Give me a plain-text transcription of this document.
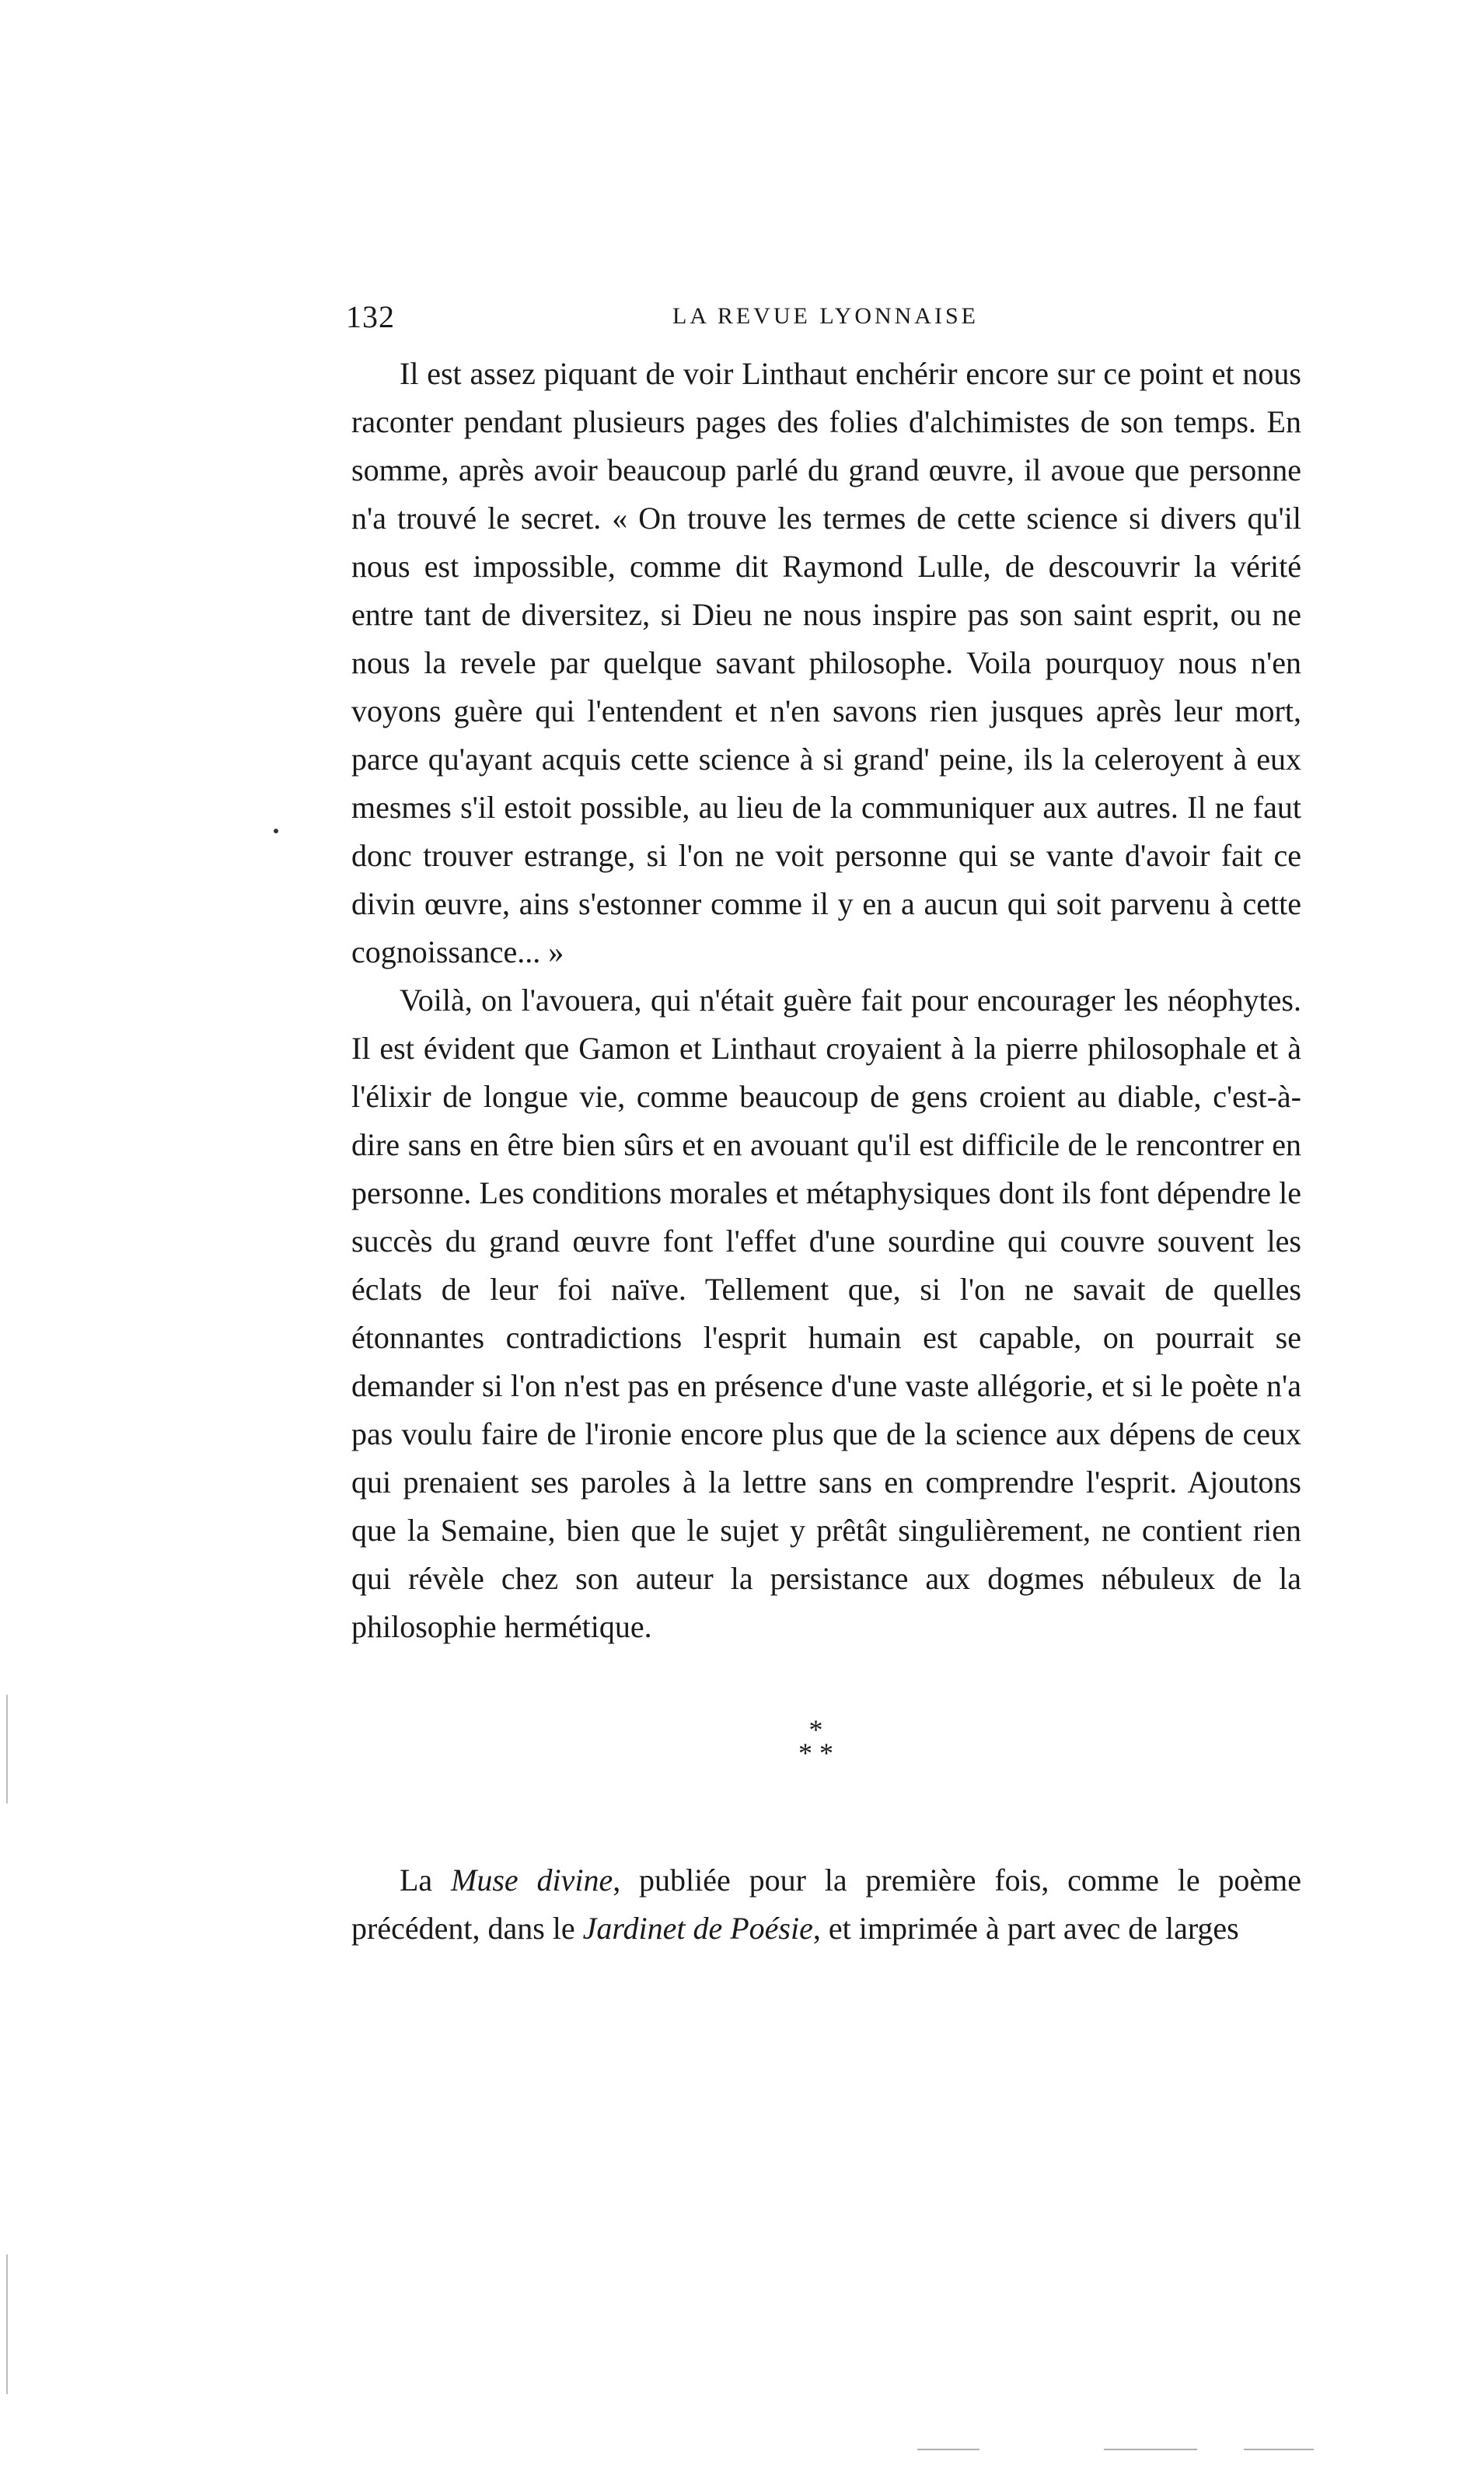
132	LA REVUE LYONNAISE

Il est assez piquant de voir Linthaut enchérir encore sur ce point et nous raconter pendant plusieurs pages des folies d'alchimistes de son temps. En somme, après avoir beaucoup parlé du grand œuvre, il avoue que personne n'a trouvé le secret. « On trouve les termes de cette science si divers qu'il nous est impossible, comme dit Raymond Lulle, de descouvrir la vérité entre tant de diversitez, si Dieu ne nous inspire pas son saint esprit, ou ne nous la revele par quelque savant philosophe. Voila pourquoy nous n'en voyons guère qui l'entendent et n'en savons rien jusques après leur mort, parce qu'ayant acquis cette science à si grand' peine, ils la celeroyent à eux mesmes s'il estoit possible, au lieu de la communiquer aux autres. Il ne faut donc trouver estrange, si l'on ne voit personne qui se vante d'avoir fait ce divin œuvre, ains s'estonner comme il y en a aucun qui soit parvenu à cette cognoissance... »

Voilà, on l'avouera, qui n'était guère fait pour encourager les néophytes. Il est évident que Gamon et Linthaut croyaient à la pierre philosophale et à l'élixir de longue vie, comme beaucoup de gens croient au diable, c'est-à-dire sans en être bien sûrs et en avouant qu'il est difficile de le rencontrer en personne. Les conditions morales et métaphysiques dont ils font dépendre le succès du grand œuvre font l'effet d'une sourdine qui couvre souvent les éclats de leur foi naïve. Tellement que, si l'on ne savait de quelles étonnantes contradictions l'esprit humain est capable, on pourrait se demander si l'on n'est pas en présence d'une vaste allégorie, et si le poète n'a pas voulu faire de l'ironie encore plus que de la science aux dépens de ceux qui prenaient ses paroles à la lettre sans en comprendre l'esprit. Ajoutons que la Semaine, bien que le sujet y prêtât singulièrement, ne contient rien qui révèle chez son auteur la persistance aux dogmes nébuleux de la philosophie hermétique.

*
* *

La Muse divine, publiée pour la première fois, comme le poème précédent, dans le Jardinet de Poésie, et imprimée à part avec de larges
